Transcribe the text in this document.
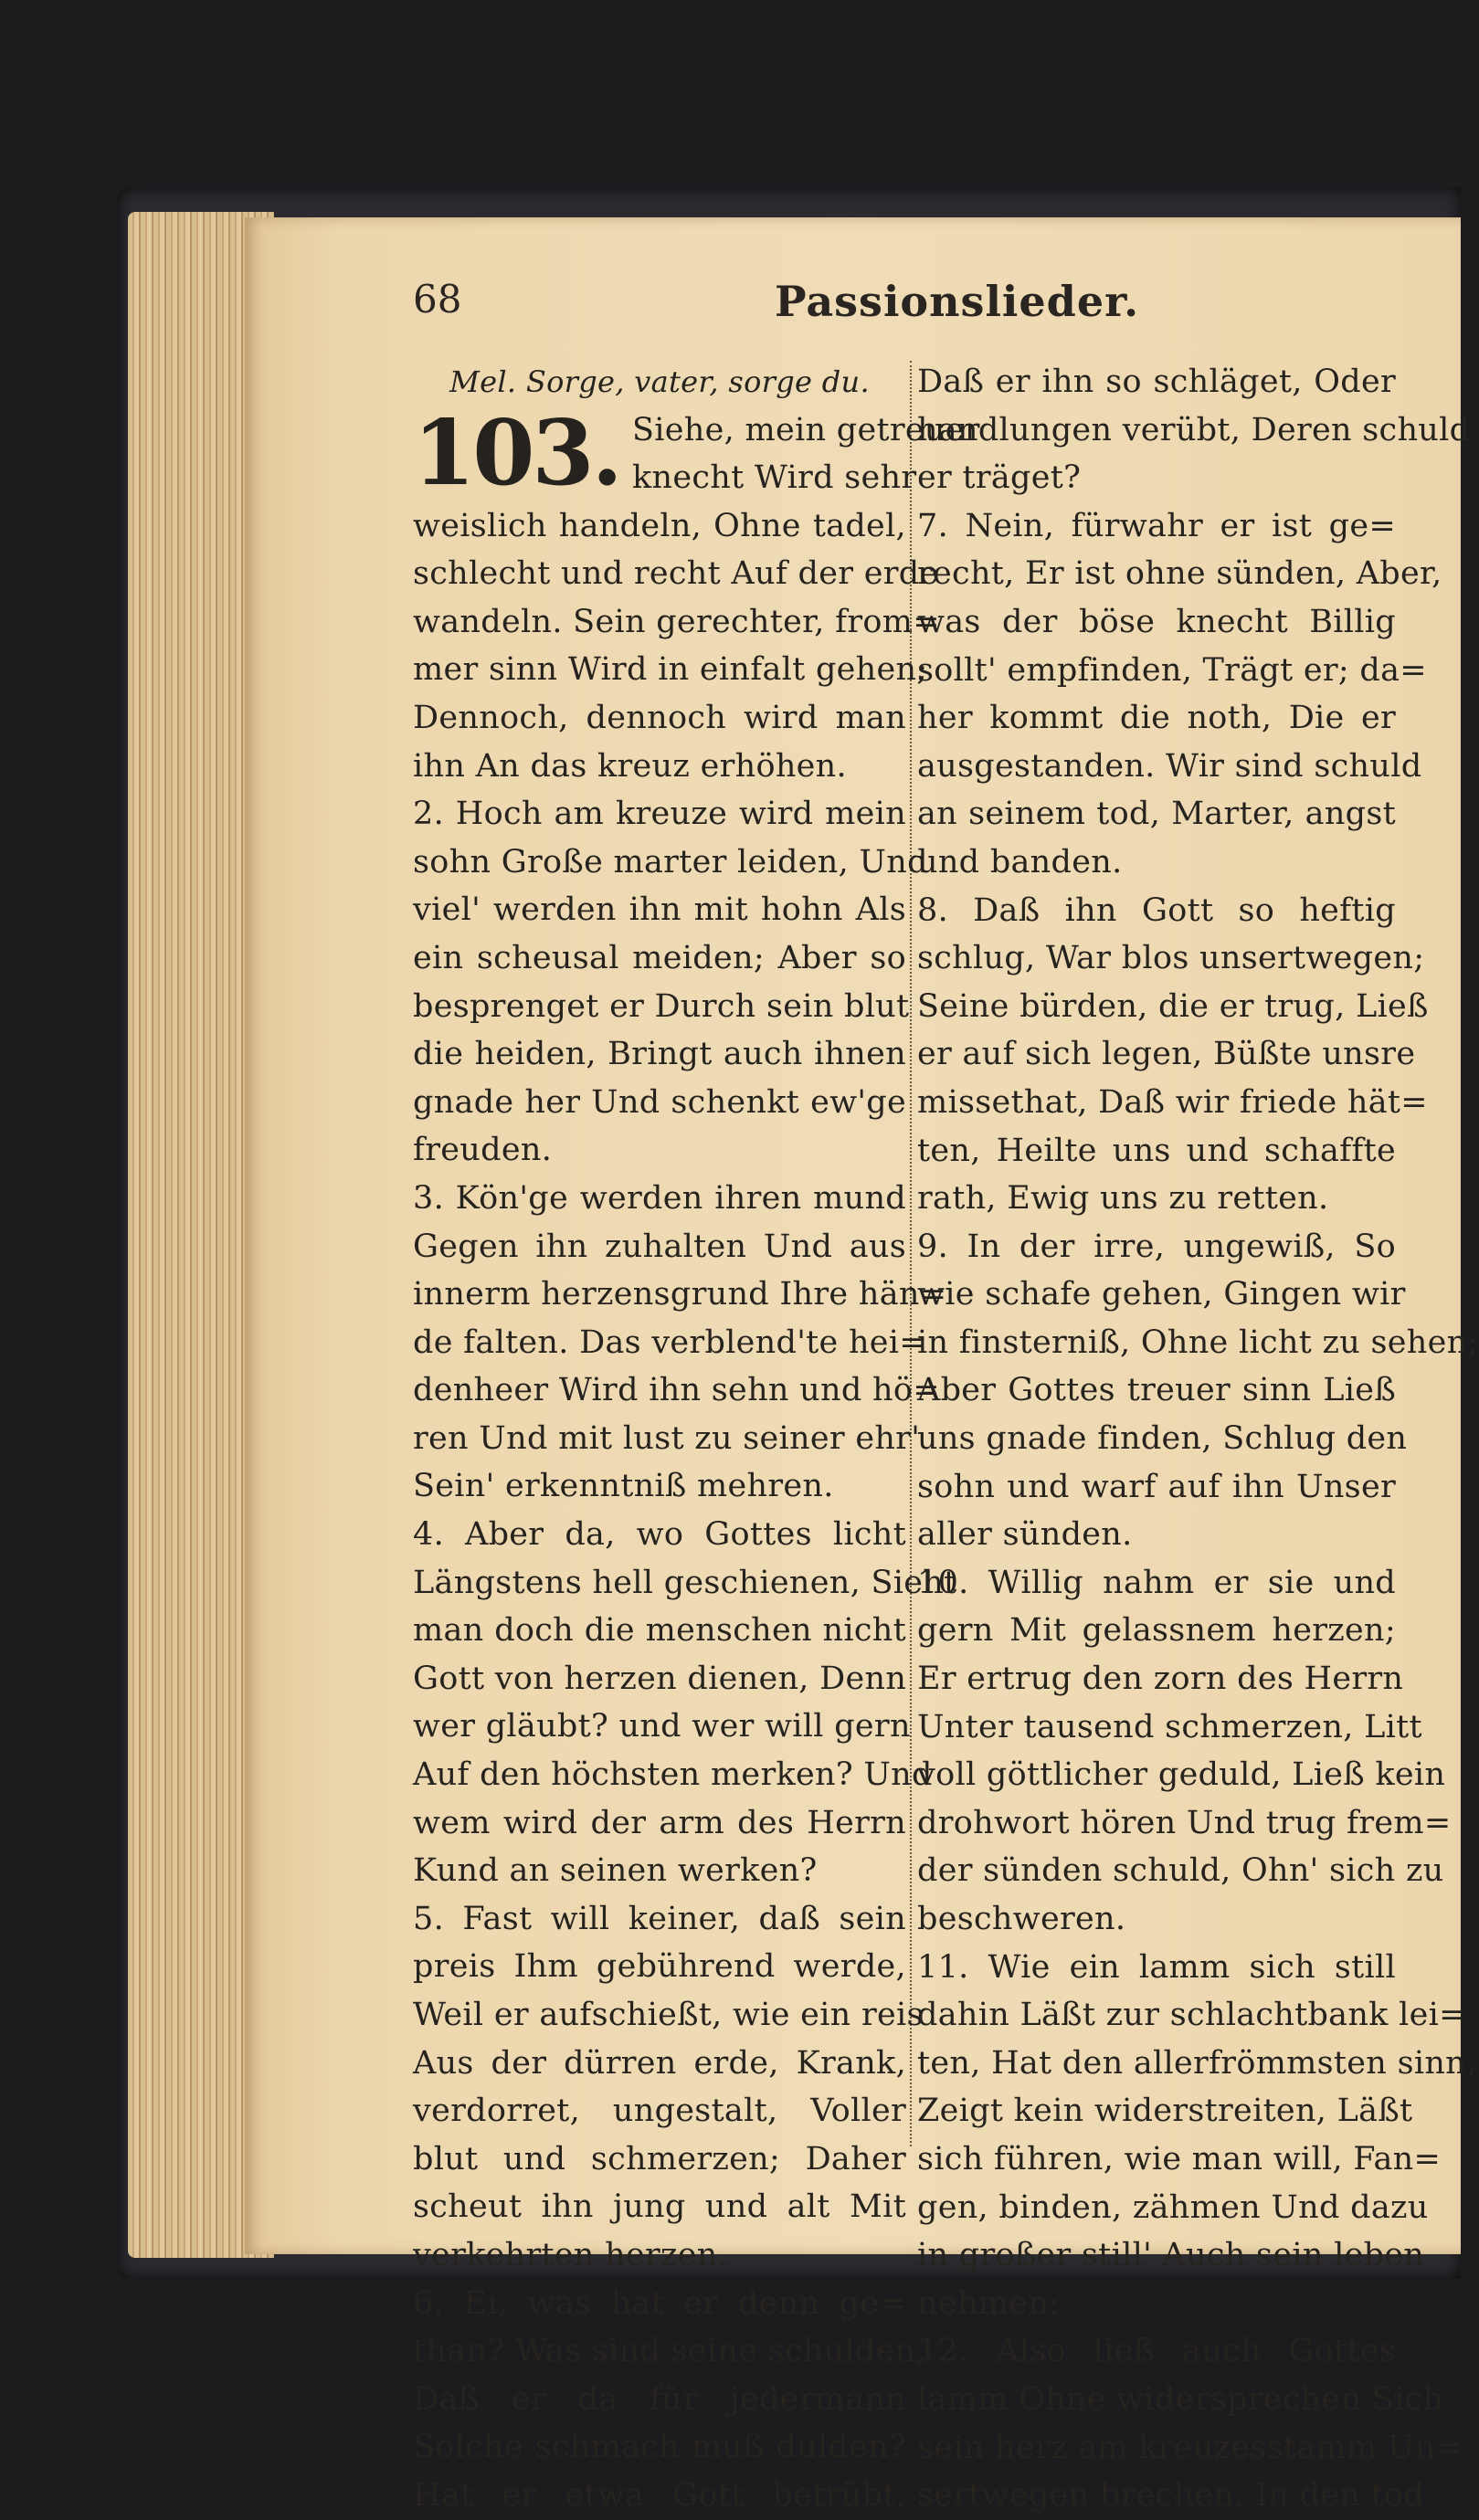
68	Passionslieder.
Mel. Sorge, vater, sorge du.
103. Siehe, mein getreuer
knecht Wird sehr
weislich handeln, Ohne tadel,
schlecht und recht Auf der erde
wandeln. Sein gerechter, from=
mer sinn Wird in einfalt gehen;
Dennoch, dennoch wird man
ihn An das kreuz erhöhen.
2. Hoch am kreuze wird mein
sohn Große marter leiden, Und
viel' werden ihn mit hohn Als
ein scheusal meiden; Aber so
besprenget er Durch sein blut
die heiden, Bringt auch ihnen
gnade her Und schenkt ew'ge
freuden.
3. Kön'ge werden ihren mund
Gegen ihn zuhalten Und aus
innerm herzensgrund Ihre hän=
de falten. Das verblend'te hei=
denheer Wird ihn sehn und hö=
ren Und mit lust zu seiner ehr'
Sein' erkenntniß mehren.
4. Aber da, wo Gottes licht
Längstens hell geschienen, Sieht
man doch die menschen nicht
Gott von herzen dienen, Denn
wer gläubt? und wer will gern
Auf den höchsten merken? Und
wem wird der arm des Herrn
Kund an seinen werken?
5. Fast will keiner, daß sein
preis Ihm gebührend werde,
Weil er aufschießt, wie ein reis
Aus der dürren erde, Krank,
verdorret, ungestalt, Voller
blut und schmerzen; Daher
scheut ihn jung und alt Mit
verkehrten herzen.
6. Ei, was hat er denn ge=
than? Was sind seine schulden,
Daß er da für jedermann
Solche schmach muß dulden?
Hat er etwa Gott betrübt,
Daß er ihn so schläget, Oder
handlungen verübt, Deren schuld
er träget?
7. Nein, fürwahr er ist ge=
recht, Er ist ohne sünden, Aber,
was der böse knecht Billig
sollt' empfinden, Trägt er; da=
her kommt die noth, Die er
ausgestanden. Wir sind schuld
an seinem tod, Marter, angst
und banden.
8. Daß ihn Gott so heftig
schlug, War blos unsertwegen;
Seine bürden, die er trug, Ließ
er auf sich legen, Büßte unsre
missethat, Daß wir friede hät=
ten, Heilte uns und schaffte
rath, Ewig uns zu retten.
9. In der irre, ungewiß, So
wie schafe gehen, Gingen wir
in finsterniß, Ohne licht zu sehen;
Aber Gottes treuer sinn Ließ
uns gnade finden, Schlug den
sohn und warf auf ihn Unser
aller sünden.
10. Willig nahm er sie und
gern Mit gelassnem herzen;
Er ertrug den zorn des Herrn
Unter tausend schmerzen, Litt
voll göttlicher geduld, Ließ kein
drohwort hören Und trug frem=
der sünden schuld, Ohn' sich zu
beschweren.
11. Wie ein lamm sich still
dahin Läßt zur schlachtbank lei=
ten, Hat den allerfrömmsten sinn,
Zeigt kein widerstreiten, Läßt
sich führen, wie man will, Fan=
gen, binden, zähmen Und dazu
in großer still' Auch sein leben
nehmen:
12. Also ließ auch Gottes
lamm Ohne widersprechen Sich
sein herz am kreuzesstamm Un=
sertwegen brechen. In den tod
